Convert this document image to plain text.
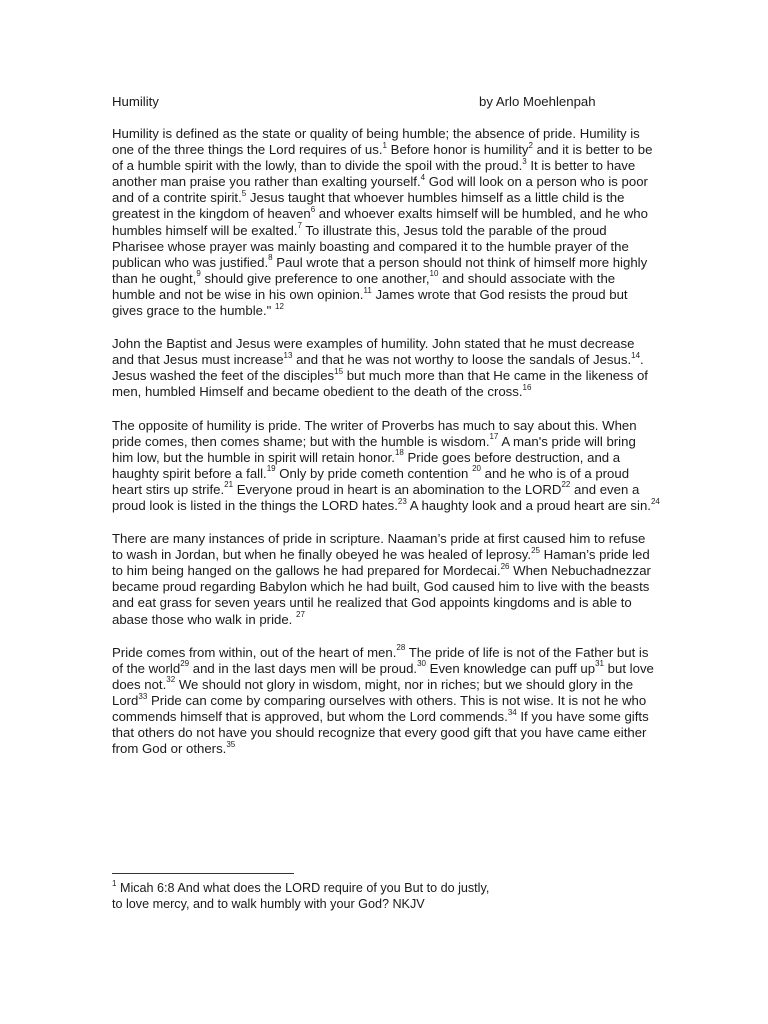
Humility	by Arlo Moehlenpah

Humility is defined as the state or quality of being humble; the absence of pride. Humility is one of the three things the Lord requires of us.$^1$ Before honor is humility$^2$ and it is better to be of a humble spirit with the lowly, than to divide the spoil with the proud.$^3$ It is better to have another man praise you rather than exalting yourself.$^4$ God will look on a person who is poor and of a contrite spirit.$^5$ Jesus taught that whoever humbles himself as a little child is the greatest in the kingdom of heaven$^6$ and whoever exalts himself will be humbled, and he who humbles himself will be exalted.$^7$ To illustrate this, Jesus told the parable of the proud Pharisee whose prayer was mainly boasting and compared it to the humble prayer of the publican who was justified.$^8$ Paul wrote that a person should not think of himself more highly than he ought,$^9$ should give preference to one another,$^{10}$ and should associate with the humble and not be wise in his own opinion.$^{11}$ James wrote that God resists the proud but gives grace to the humble." $^{12}$

John the Baptist and Jesus were examples of humility. John stated that he must decrease and that Jesus must increase$^{13}$ and that he was not worthy to loose the sandals of Jesus.$^{14}$. Jesus washed the feet of the disciples$^{15}$ but much more than that He came in the likeness of men, humbled Himself and became obedient to the death of the cross.$^{16}$

The opposite of humility is pride. The writer of Proverbs has much to say about this. When pride comes, then comes shame; but with the humble is wisdom.$^{17}$ A man's pride will bring him low, but the humble in spirit will retain honor.$^{18}$ Pride goes before destruction, and a haughty spirit before a fall.$^{19}$ Only by pride cometh contention $^{20}$ and he who is of a proud heart stirs up strife.$^{21}$ Everyone proud in heart is an abomination to the LORD$^{22}$ and even a proud look is listed in the things the LORD hates.$^{23}$ A haughty look and a proud heart are sin.$^{24}$

There are many instances of pride in scripture. Naaman’s pride at first caused him to refuse to wash in Jordan, but when he finally obeyed he was healed of leprosy.$^{25}$ Haman’s pride led to him being hanged on the gallows he had prepared for Mordecai.$^{26}$ When Nebuchadnezzar became proud regarding Babylon which he had built, God caused him to live with the beasts and eat grass for seven years until he realized that God appoints kingdoms and is able to abase those who walk in pride. $^{27}$

Pride comes from within, out of the heart of men.$^{28}$ The pride of life is not of the Father but is of the world$^{29}$ and in the last days men will be proud.$^{30}$ Even knowledge can puff $up^{31}$ but love does not.$^{32}$ We should not glory in wisdom, might, nor in riches; but we should glory in the Lord$^{33}$ Pride can come by comparing ourselves with others. This is not wise. It is not he who commends himself that is approved, but whom the Lord commends.$^{34}$ If you have some gifts that others do not have you should recognize that every good gift that you have came either from God or others.$^{35}$

$^1$ Micah 6:8 And what does the LORD require of you But to do justly,
to love mercy, and to walk humbly with your God? NKJV
